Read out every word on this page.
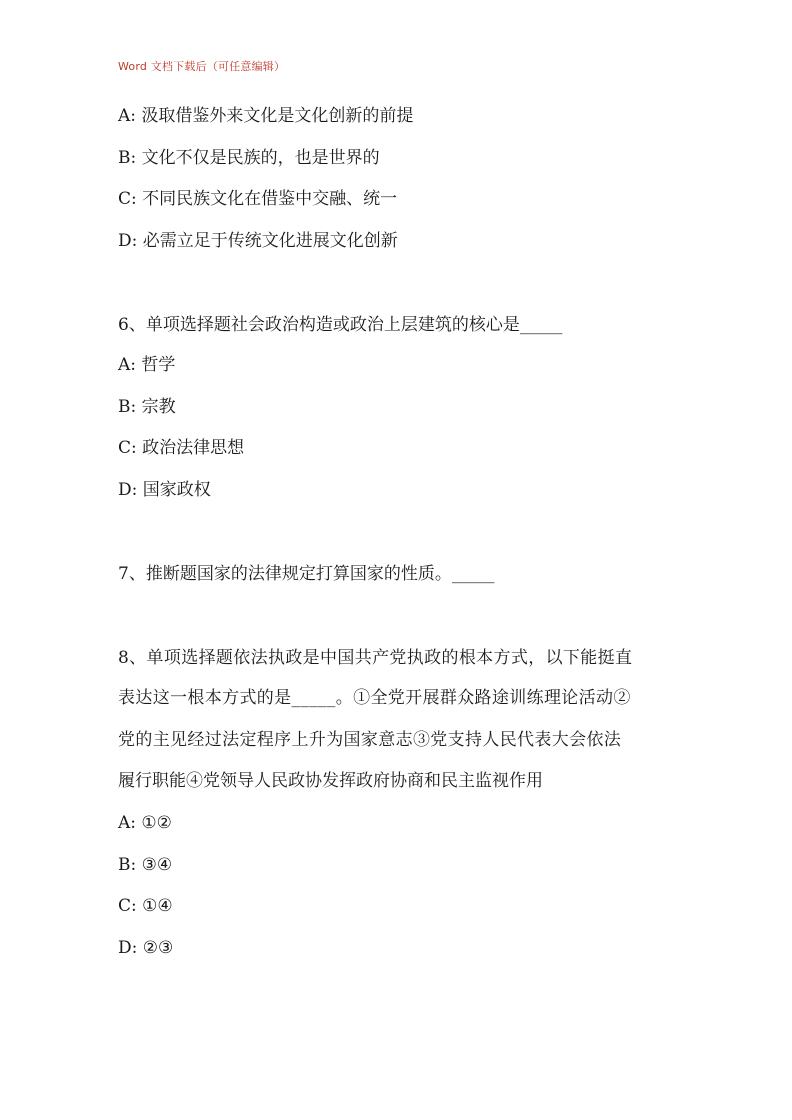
Word 文档下载后（可任意编辑）
A: 汲取借鉴外来文化是文化创新的前提
B: 文化不仅是民族的，也是世界的
C: 不同民族文化在借鉴中交融、统一
D: 必需立足于传统文化进展文化创新
6、单项选择题社会政治构造或政治上层建筑的核心是_____
A: 哲学
B: 宗教
C: 政治法律思想
D: 国家政权
7、推断题国家的法律规定打算国家的性质。_____
8、单项选择题依法执政是中国共产党执政的根本方式，以下能挺直
表达这一根本方式的是_____。①全党开展群众路途训练理论活动②
党的主见经过法定程序上升为国家意志③党支持人民代表大会依法
履行职能④党领导人民政协发挥政府协商和民主监视作用
A: ①②
B: ③④
C: ①④
D: ②③
